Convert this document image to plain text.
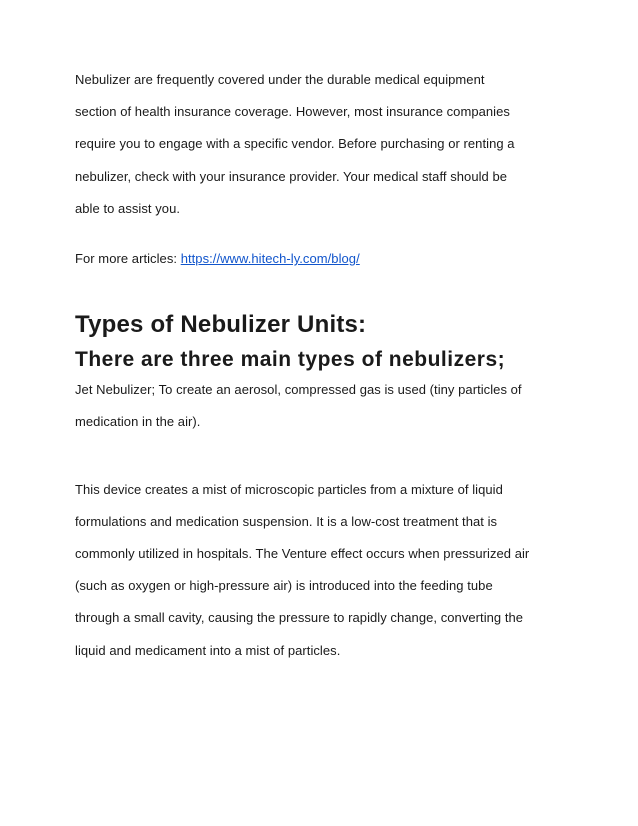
Nebulizer are frequently covered under the durable medical equipment
section of health insurance coverage. However, most insurance companies
require you to engage with a specific vendor. Before purchasing or renting a
nebulizer, check with your insurance provider. Your medical staff should be
able to assist you.

For more articles: https://www.hitech-ly.com/blog/

Types of Nebulizer Units:
There are three main types of nebulizers;

Jet Nebulizer; To create an aerosol, compressed gas is used (tiny particles of
medication in the air).

This device creates a mist of microscopic particles from a mixture of liquid
formulations and medication suspension. It is a low-cost treatment that is
commonly utilized in hospitals. The Venture effect occurs when pressurized air
(such as oxygen or high-pressure air) is introduced into the feeding tube
through a small cavity, causing the pressure to rapidly change, converting the
liquid and medicament into a mist of particles.
